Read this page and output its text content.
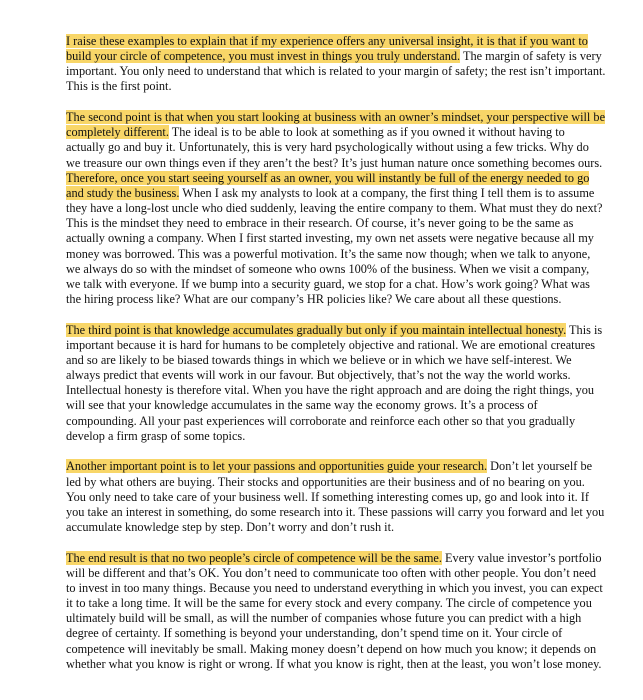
I raise these examples to explain that if my experience offers any universal insight, it is that if you want to build your circle of competence, you must invest in things you truly understand. The margin of safety is very important. You only need to understand that which is related to your margin of safety; the rest isn’t important. This is the first point.

The second point is that when you start looking at business with an owner’s mindset, your perspective will be completely different. The ideal is to be able to look at something as if you owned it without having to actually go and buy it. Unfortunately, this is very hard psychologically without using a few tricks. Why do we treasure our own things even if they aren’t the best? It’s just human nature once something becomes ours. Therefore, once you start seeing yourself as an owner, you will instantly be full of the energy needed to go and study the business. When I ask my analysts to look at a company, the first thing I tell them is to assume they have a long-lost uncle who died suddenly, leaving the entire company to them. What must they do next? This is the mindset they need to embrace in their research. Of course, it’s never going to be the same as actually owning a company. When I first started investing, my own net assets were negative because all my money was borrowed. This was a powerful motivation. It’s the same now though; when we talk to anyone, we always do so with the mindset of someone who owns 100% of the business. When we visit a company, we talk with everyone. If we bump into a security guard, we stop for a chat. How’s work going? What was the hiring process like? What are our company’s HR policies like? We care about all these questions.

The third point is that knowledge accumulates gradually but only if you maintain intellectual honesty. This is important because it is hard for humans to be completely objective and rational. We are emotional creatures and so are likely to be biased towards things in which we believe or in which we have self-interest. We always predict that events will work in our favour. But objectively, that’s not the way the world works. Intellectual honesty is therefore vital. When you have the right approach and are doing the right things, you will see that your knowledge accumulates in the same way the economy grows. It’s a process of compounding. All your past experiences will corroborate and reinforce each other so that you gradually develop a firm grasp of some topics.

Another important point is to let your passions and opportunities guide your research. Don’t let yourself be led by what others are buying. Their stocks and opportunities are their business and of no bearing on you. You only need to take care of your business well. If something interesting comes up, go and look into it. If you take an interest in something, do some research into it. These passions will carry you forward and let you accumulate knowledge step by step. Don’t worry and don’t rush it.

The end result is that no two people’s circle of competence will be the same. Every value investor’s portfolio will be different and that’s OK. You don’t need to communicate too often with other people. You don’t need to invest in too many things. Because you need to understand everything in which you invest, you can expect it to take a long time. It will be the same for every stock and every company. The circle of competence you ultimately build will be small, as will the number of companies whose future you can predict with a high degree of certainty. If something is beyond your understanding, don’t spend time on it. Your circle of competence will inevitably be small. Making money doesn’t depend on how much you know; it depends on whether what you know is right or wrong. If what you know is right, then at the least, you won’t lose money.
